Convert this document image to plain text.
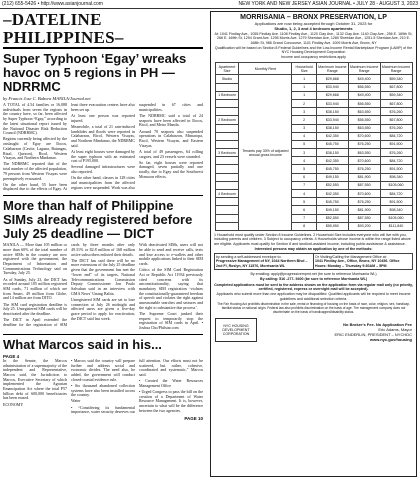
(212) 655-5426 • http://www.asianjournal.com	NEW YORK AND NEW JERSEY ASIAN JOURNAL • JULY 28 - AUGUST 3, 2023
–DATELINE PHILIPPINES–
Super Typhoon ‘Egay’ wreaks havoc on 5 regions in PH — NDRRMC
by Francis Jose C. Babora MANILA/Journal.net

A TOTAL of 4.54 families or 16,088 individuals from seven the regions in the country have, so far, been affected by Super Typhoon “Egay,” according to the latest situational report issued by the National Disaster Risk Reduction Council (NDRRMC).

Regions currently being affected by the onslaught of Egay are Ilocos, Calabarzon (Cavite, Laguna, Batangas, Rizal, Quezon), Bicol, Western Visayas, and Northern Mindanao.

The NDRRMC reported that of the total number of the affected population, 79 persons from Western Visayas were preemptively evacuated.

On the other hand, 55 have been displaced due to the effects of Egay. At least three evacuation centers have also been set up.

At least one person was reported injured.

Meanwhile, a total of 21 rain-induced landslides and floods were reported in Calabarzon, Bicol, Western Visayas, and Northern Mindanao, the NDRRMC said.

At least eight houses were damaged by the super typhoon with an estimated cost of P195,000.

Several damaged infrastructures were also reported.

On the other hand, classes in 128 cities and municipalities from the affected regions were suspended. Work was also suspended in 67 cities and municipalities.

The NDRRMC said a total of 24 seaports have been affected in Ilocos, Bicol, and Metro Manila.

Around 70 seaports also suspended operations in Calabarzon, Mimaropa, Bicol, Western Visayas, and Eastern Visayas.

A total of 49 passengers, 64 rolling cargoes, and 23 vessels were stranded.

So far, eight houses were reported damaged, seven partially and one totally, due to Egay and the Southwest Monsoon effects.

More than half of Philippine SIMs already registered before July 25 deadline — DICT

MANILA — More than 105 million or more than 60% of the total number of active SIMs in the country are now registered with the government, the Department of Information and Communications Technology said on Tuesday, July 25.

As of Sunday, July 23, the DICT has recorded around 105 million registered SIM cards, 71 million of which are from Smart, 49 million from Globe, and 14 million are from DITO.

The SIM card registration deadline is July 25. Unregistered SIM cards will be deactivated after the deadline.

The DICT in April extended the deadline for the registration of SIM cards by three months after only 49.31% or 82.8 million of 168 million active subscribers enlisted their details.

The DICT has said there will be no more extensions of the July 25 deadline given that the government has met the “lower end” of its targets, National Telecommunications Commission Deputy Commissioner Jon Paulo Salvahan said in an interview with GMA News’ Unang Balita.

Unregistered SIM cards are set to lose connection at July 26 midnight and affected users are given a five-day grace period to apply for reactivation, the DICT said last week.

With deactivated SIMs, users will not be able to send and receive calls, texts and lose access to e-wallets and other mobile applications linked to their SIM cards.

Critics of the SIM Card Registration Act or Republic Act 11934 previously cited concerns with its unconstitutionality, saying that mandatory SIM registration ‘violates the constitutionally-guaranteed freedom of speech and violates the right against unreasonable searches and seizures and the right to substantive due process’.

The Supreme Court junked their request to temporarily stop the registration of SIM cards in April. • Joshua Cho/Philstar.com

What Marcos said in his...
PAGE 4

In the Senate, the Marcos administration of a supermajority of the independent and Representative, Marcos said, the Jurisdiction to Marcos, Executive Secretary of which implemented the Agrarian Emancipation Act where the total P57 billion debt of 600,000 beneficiaries has been erased.

ECONOMY

• Marcos said the country will prepare further and address social and economic divides. The need also, he added, the government will conduct closed-coastal evidence rule.

• Six thousand abandoned collection systems have also been installed across the country.

Water

• “Considering its fundamental importance, water security deserves our full attention. Our efforts must not be scattered, but rather, cohesive, coordinated and systematic,” Marcos said.

• Created the Water Resources Management Office

• Urged Congress to pass the bill on the creation of a Department of Water Resource Management. It is, however, uncertain to what will be the difference between the two agencies.

PAGE 10
MORRISANIA – BRONX PRESERVATION, LP
Applications are now being accepted through October 31, 2023 for
Studio, 1, 2, 3 and 4 bedroom apartments
At: 1041 Findlay Ave., 1055 Findlay Ave. 1108 Findlay Ave., 1120 Clay Ave., 1132 Clay Ave. 1140 Clay Ave., 256 E. 169th St, 266 E. 169th St, 1294 Grant Ave. 1295 Morris Ave. 1279 Sheridan Ave, 1280 Sheridan Ave., 1251-5 Sheridan Ave, 210 E. 168th St, 986 Grand Concourse, 1101 Findlay Ave. 1009 Morris Ave, Bronx, NY
Qualification will be based on Section 8 Federal Guidelines and the Low-Income Rental Marketplace Program (LAMP) of the NYC Housing Development Corporation
Income and occupancy restrictions apply
Apartment Size	Monthly Rent	Household Size	Maximum Income Range	Maximum Income Range	Maximum Income Range
Studio	Tenants pay 30% of adjusted annual gross income	1	$29,668	$49,400	$59,340
		1	$33,940	$56,550	$67,800
1 Bedroom		1	$29,668	$49,400	$59,340
		2	$33,940	$56,550	$67,800
		3	$38,150	$63,550	$76,260
2 Bedroom		2	$33,940	$56,550	$67,800
		3	$38,150	$63,550	$76,260
		4	$42,350	$70,600	$84,720
		5	$45,750	$76,250	$91,500
3 Bedroom		3	$38,150	$63,550	$76,260
		4	$42,350	$70,600	$84,720
		5	$45,750	$76,250	$91,500
		6	$49,150	$81,900	$98,340
		7	$52,550	$87,550	$105,060
4 Bedroom		4	$42,350	$70,600	$84,720
		5	$45,750	$76,250	$91,500
		6	$49,150	$81,900	$98,340
		7	$52,550	$87,550	$105,060
		8	$55,950	$93,200	$111,840
1 Household must qualify under Section 8 Income Guidelines. 2 Household Size includes everyone who will live with you, including parents and children. 3 Subject to occupancy criteria. 4 Households whose income is within the range listed above are eligible. Applicants must qualify for Section 8 and landlord-assisted income, including public assistance & assistance.
Interested persons may obtain an application by one of the methods:
by sending a self-addressed envelope to:
Progressive Management of NY, 1044 Northern Blvd – 2nd Fl, Roslyn, NY 11576, Morrisania WL
Or Visiting/Calling the Management Office at:
1041 Findlay Ave., Office, Bronx, NY 10456. Office Hours: Monday – Thursday 9:30AM – 5PM
By emailing: apply@progressivempmt.net (be sure to reference Morrisania WL)
By calling: 516 -277- 9400 (be sure to reference Morrisania WL)
Completed applications must be sent to the address shown on the application form via regular mail only (no priority, certified, registered, express or overnight mail will be accepted).
Applicants who submit more than one application may be disqualified. Qualified applicants will be required to meet income guidelines and additional selection criteria.
The Fair Housing Act prohibits discrimination in the sale, rental or financing of housing on the basis of race, color, religion, sex, handicap, familial status or national origin. Federal law also prohibits discrimination on the basis of age. The management company does not discriminate on the basis of handicapped/disability status.
NYC HOUSING DEVELOPMENT CORPORATION
No Broker's Fee. No Application Fee
Eric Adams, Mayor
ERIC ENDERLIN, PRESIDENT – NYCHDC
www.nyc.gov/housing
